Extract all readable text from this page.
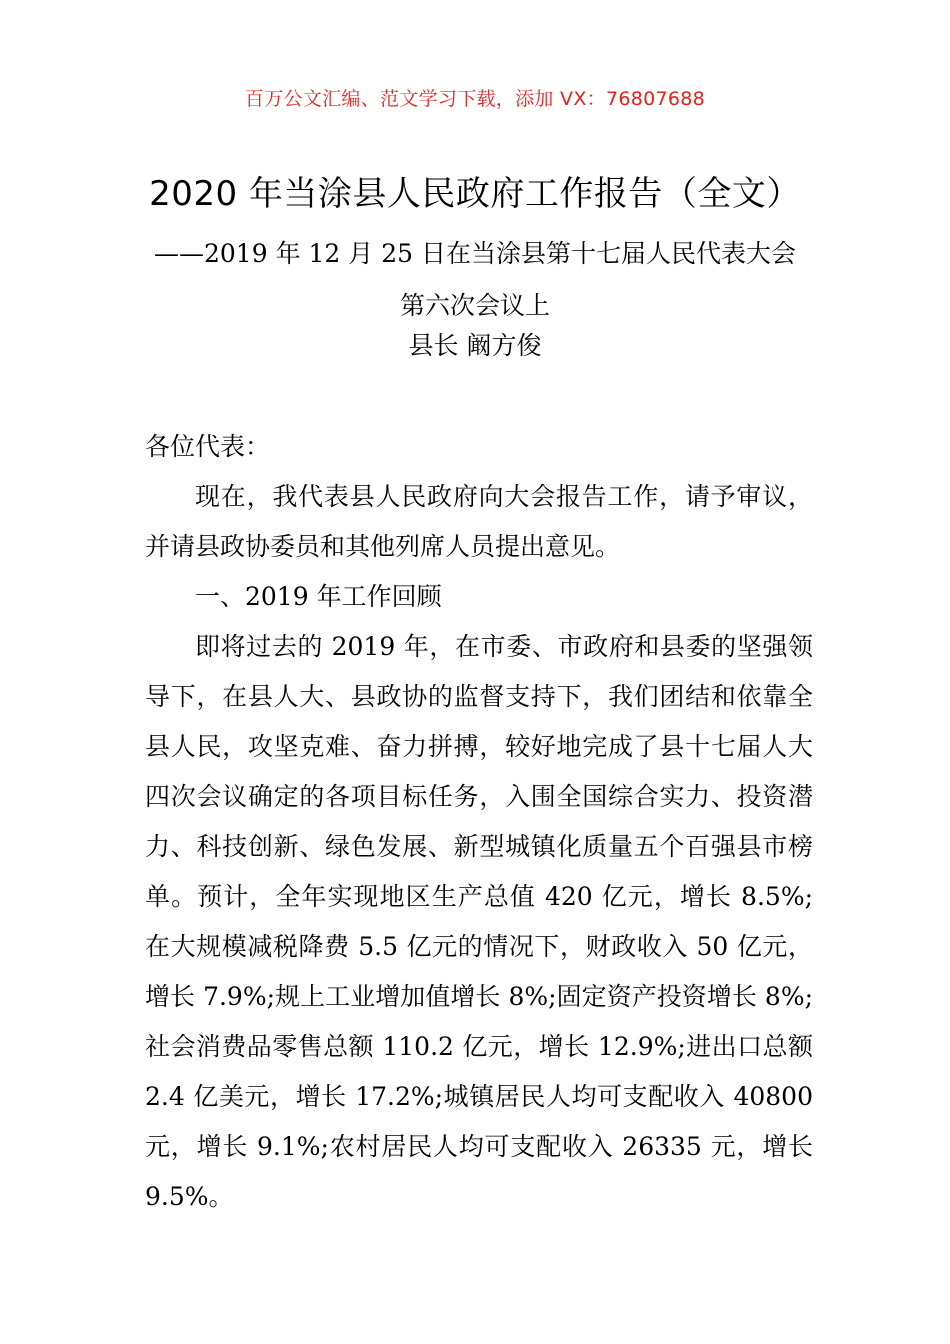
百万公文汇编、范文学习下载，添加 VX：76807688
2020 年当涂县人民政府工作报告（全文）
——2019 年 12 月 25 日在当涂县第十七届人民代表大会第六次会议上
县长 阚方俊

各位代表：

现在，我代表县人民政府向大会报告工作，请予审议，并请县政协委员和其他列席人员提出意见。

一、2019 年工作回顾

即将过去的 2019 年，在市委、市政府和县委的坚强领导下，在县人大、县政协的监督支持下，我们团结和依靠全县人民，攻坚克难、奋力拼搏，较好地完成了县十七届人大四次会议确定的各项目标任务，入围全国综合实力、投资潜力、科技创新、绿色发展、新型城镇化质量五个百强县市榜单。预计，全年实现地区生产总值 420 亿元，增长 8.5%;在大规模减税降费 5.5 亿元的情况下，财政收入 50 亿元，增长 7.9%;规上工业增加值增长 8%;固定资产投资增长 8%;社会消费品零售总额 110.2 亿元，增长 12.9%;进出口总额 2.4 亿美元，增长 17.2%;城镇居民人均可支配收入 40800 元，增长 9.1%;农村居民人均可支配收入 26335 元，增长 9.5%。
